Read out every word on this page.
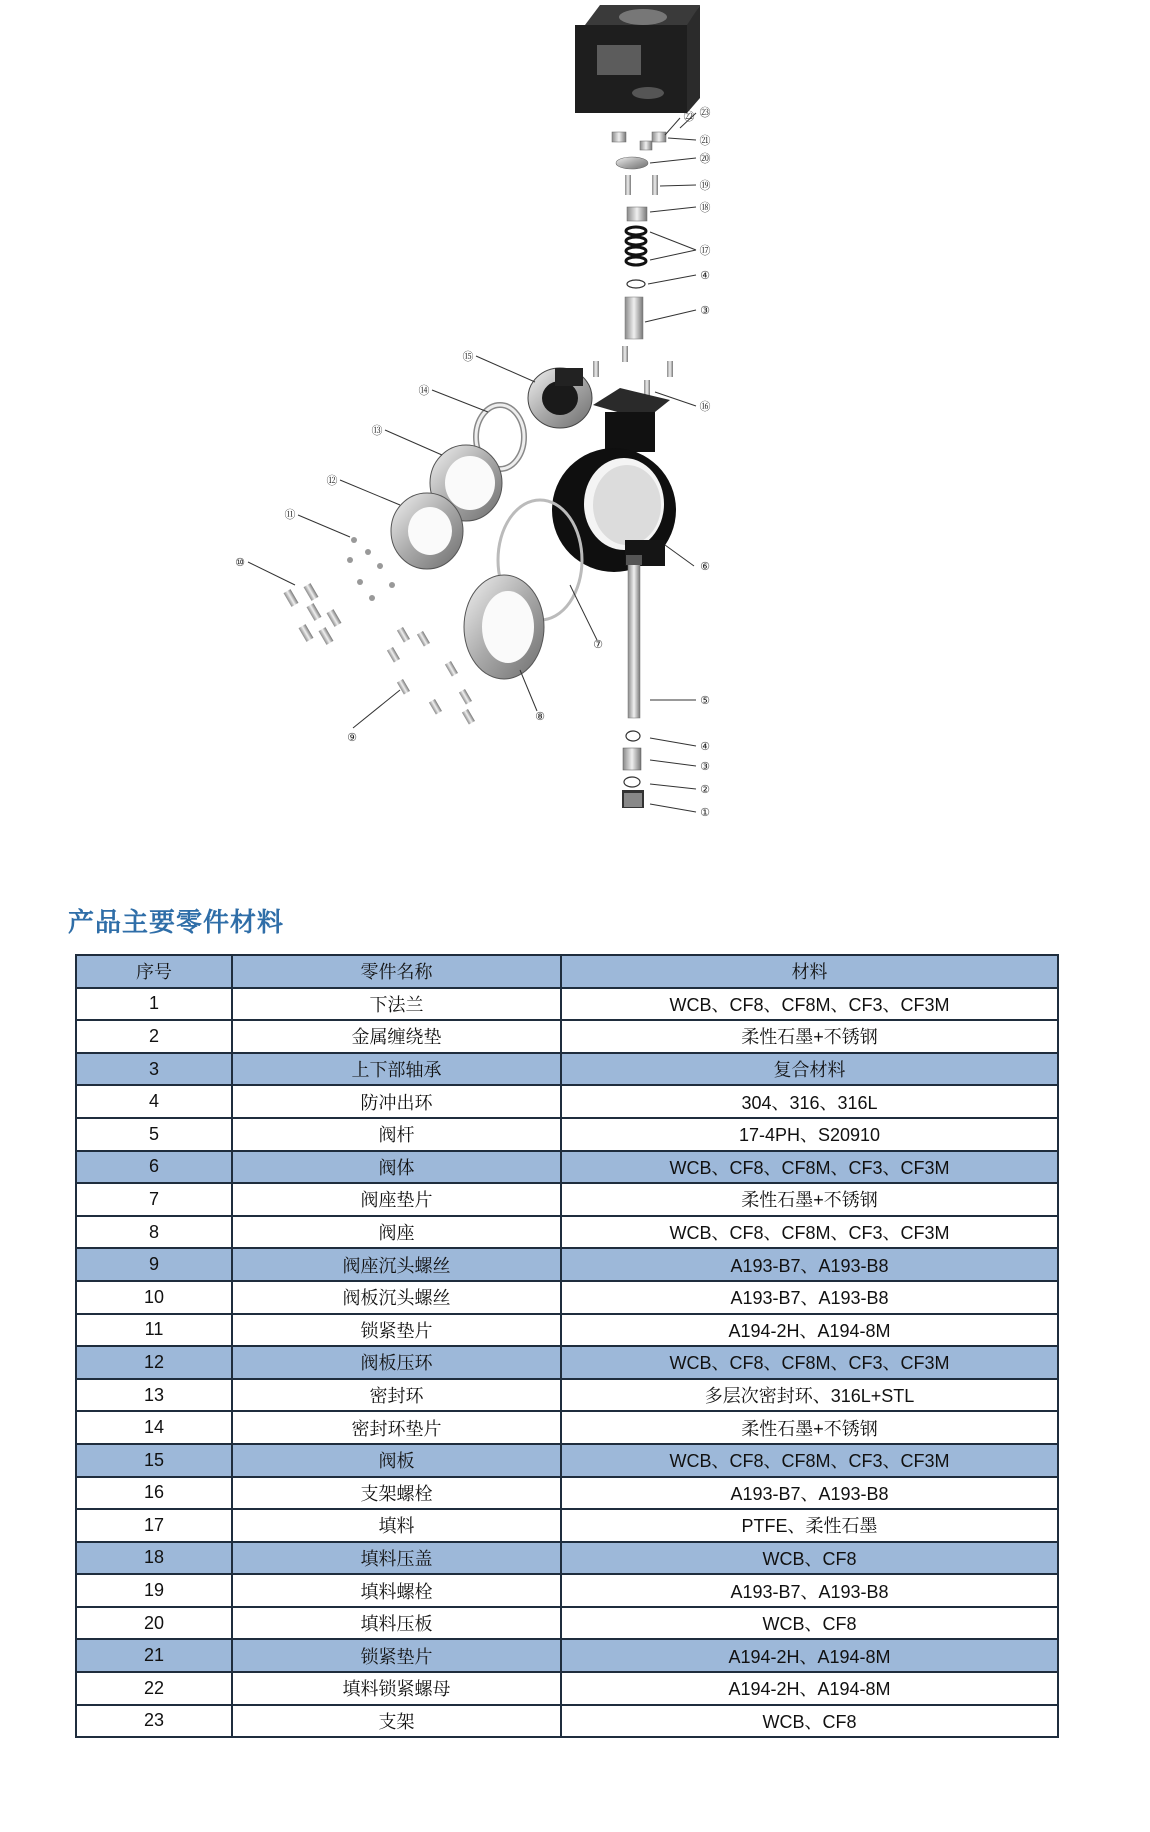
㉓
㉒
㉑
⑳
⑲
⑱
⑰
④
③
⑯
⑮
⑭
⑬
⑫
⑪
⑩	⑥
⑦
⑧
⑨
⑤
④
③
②
①
产品主要零件材料
序号	零件名称	材料
1	下法兰	WCB、CF8、CF8M、CF3、CF3M
2	金属缠绕垫	柔性石墨+不锈钢
3	上下部轴承	复合材料
4	防冲出环	304、316、316L
5	阀杆	17-4PH、S20910
6	阀体	WCB、CF8、CF8M、CF3、CF3M
7	阀座垫片	柔性石墨+不锈钢
8	阀座	WCB、CF8、CF8M、CF3、CF3M
9	阀座沉头螺丝	A193-B7、A193-B8
10	阀板沉头螺丝	A193-B7、A193-B8
11	锁紧垫片	A194-2H、A194-8M
12	阀板压环	WCB、CF8、CF8M、CF3、CF3M
13	密封环	多层次密封环、316L+STL
14	密封环垫片	柔性石墨+不锈钢
15	阀板	WCB、CF8、CF8M、CF3、CF3M
16	支架螺栓	A193-B7、A193-B8
17	填料	PTFE、柔性石墨
18	填料压盖	WCB、CF8
19	填料螺栓	A193-B7、A193-B8
20	填料压板	WCB、CF8
21	锁紧垫片	A194-2H、A194-8M
22	填料锁紧螺母	A194-2H、A194-8M
23	支架	WCB、CF8
